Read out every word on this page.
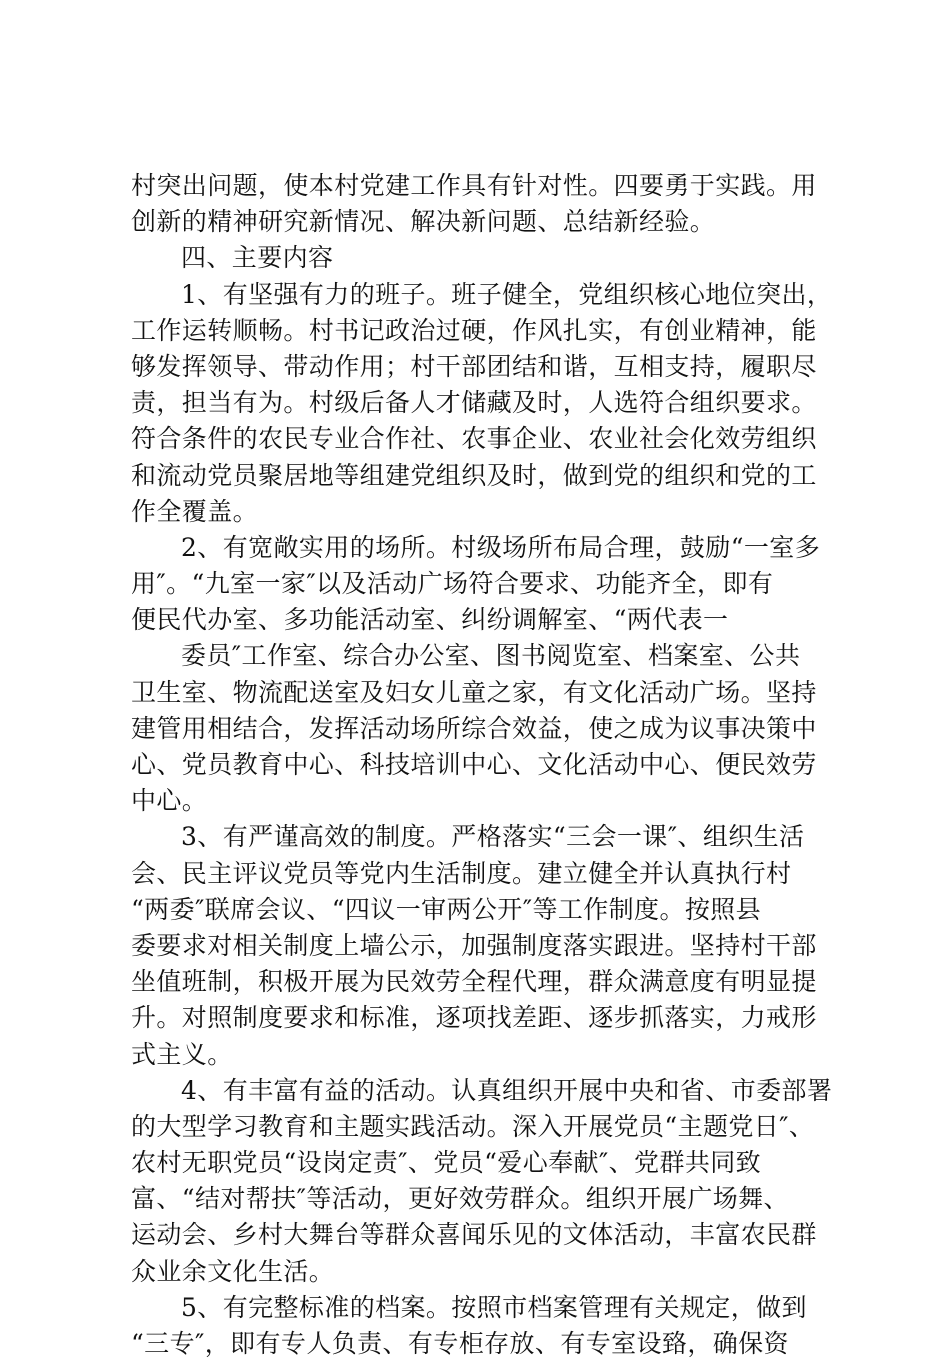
村突出问题，使本村党建工作具有针对性。四要勇于实践。用
创新的精神研究新情况、解决新问题、总结新经验。
四、主要内容
1、有坚强有力的班子。班子健全，党组织核心地位突出，
工作运转顺畅。村书记政治过硬，作风扎实，有创业精神，能
够发挥领导、带动作用；村干部团结和谐，互相支持，履职尽
责，担当有为。村级后备人才储藏及时，人选符合组织要求。
符合条件的农民专业合作社、农事企业、农业社会化效劳组织
和流动党员聚居地等组建党组织及时，做到党的组织和党的工
作全覆盖。
2、有宽敞实用的场所。村级场所布局合理，鼓励“一室多
用″。“九室一家″以及活动广场符合要求、功能齐全，即有
便民代办室、多功能活动室、纠纷调解室、“两代表一
委员″工作室、综合办公室、图书阅览室、档案室、公共
卫生室、物流配送室及妇女儿童之家，有文化活动广场。坚持
建管用相结合，发挥活动场所综合效益，使之成为议事决策中
心、党员教育中心、科技培训中心、文化活动中心、便民效劳
中心。
3、有严谨高效的制度。严格落实“三会一课″、组织生活
会、民主评议党员等党内生活制度。建立健全并认真执行村
“两委″联席会议、“四议一审两公开″等工作制度。按照县
委要求对相关制度上墙公示，加强制度落实跟进。坚持村干部
坐值班制，积极开展为民效劳全程代理，群众满意度有明显提
升。对照制度要求和标准，逐项找差距、逐步抓落实，力戒形
式主义。
4、有丰富有益的活动。认真组织开展中央和省、市委部署
的大型学习教育和主题实践活动。深入开展党员“主题党日″、
农村无职党员“设岗定责″、党员“爱心奉献″、党群共同致
富、“结对帮扶″等活动，更好效劳群众。组织开展广场舞、
运动会、乡村大舞台等群众喜闻乐见的文体活动，丰富农民群
众业余文化生活。
5、有完整标准的档案。按照市档案管理有关规定，做到
“三专″，即有专人负责、有专柜存放、有专室设臵，确保资
